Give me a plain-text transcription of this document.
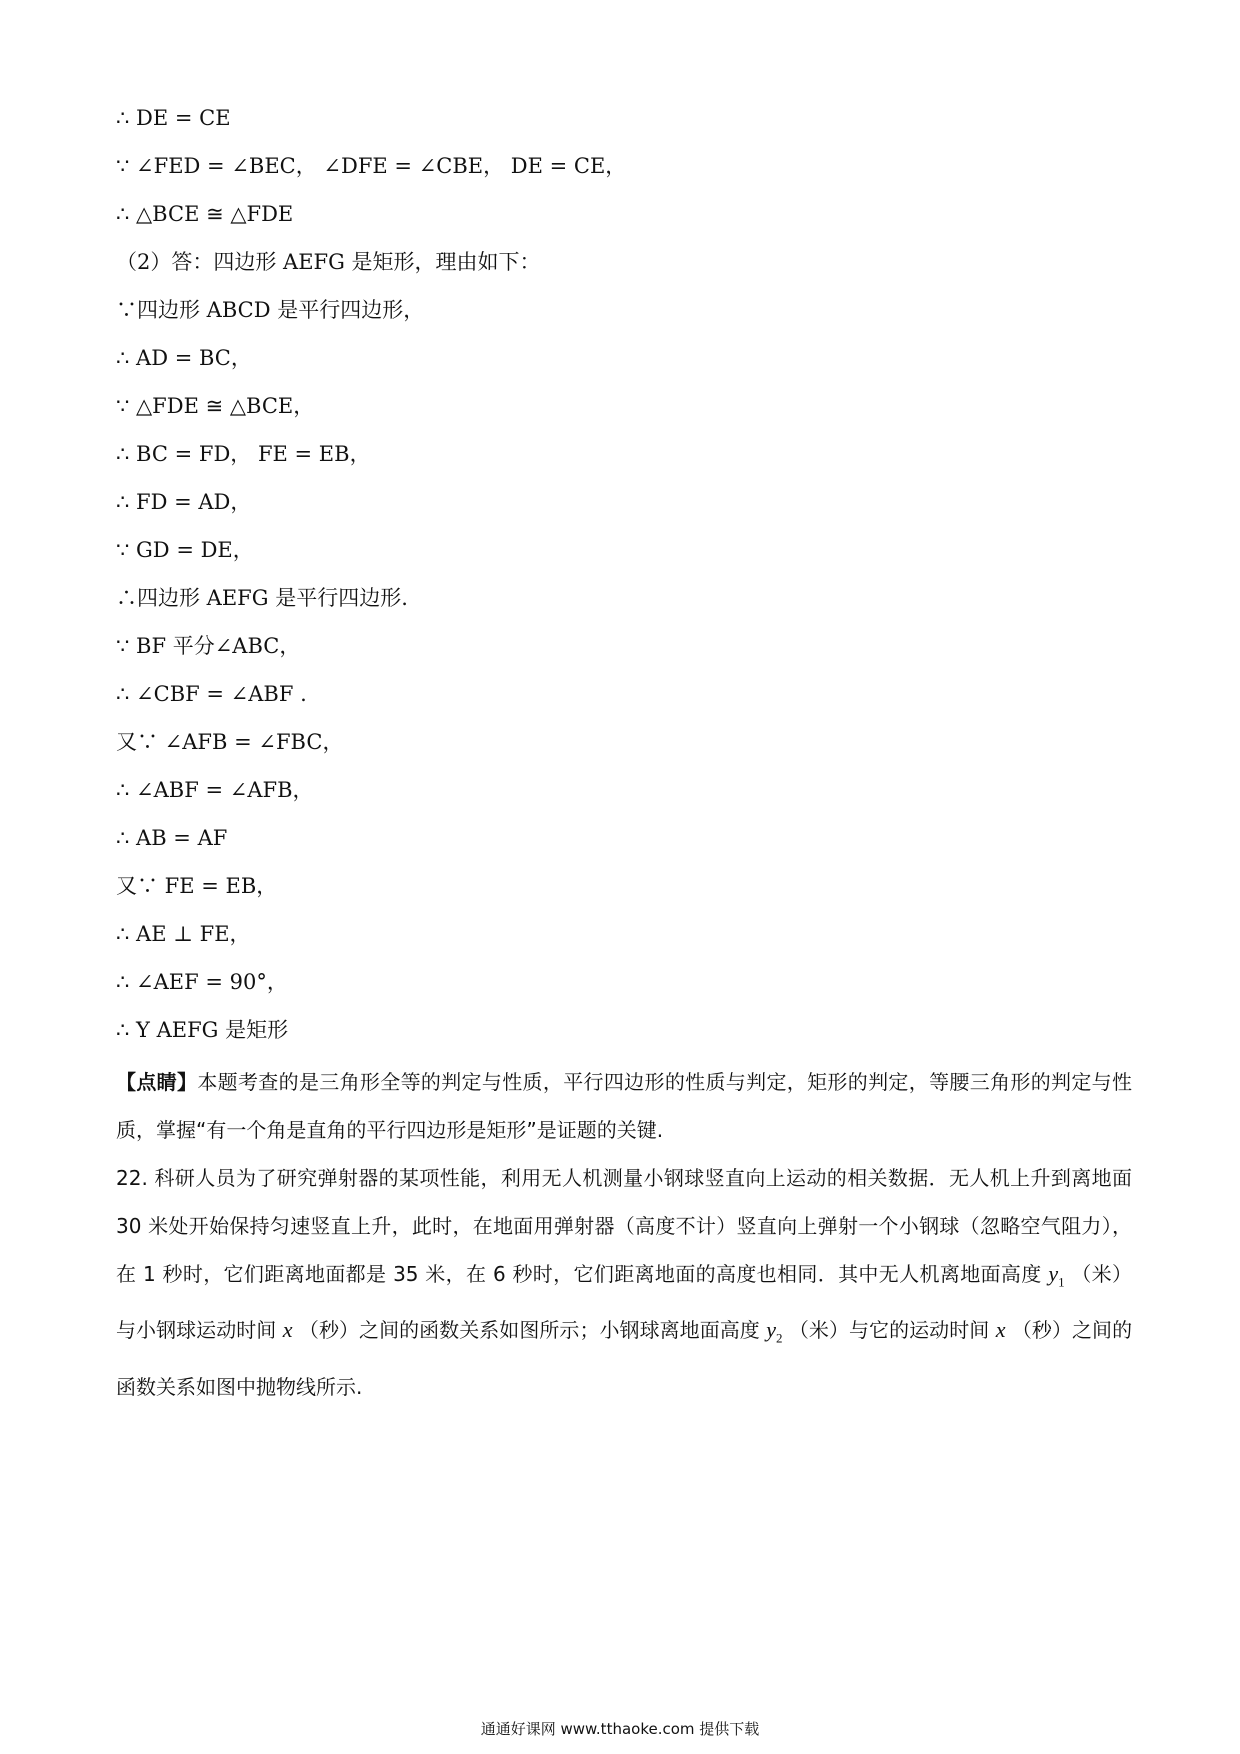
∴ DE = CE
∵ ∠FED = ∠BEC， ∠DFE = ∠CBE， DE = CE，
∴ △BCE ≅ △FDE
（2）答：四边形 AEFG 是矩形，理由如下：
∵四边形 ABCD 是平行四边形，
∴ AD = BC，
∵ △FDE ≅ △BCE，
∴ BC = FD， FE = EB，
∴ FD = AD，
∵ GD = DE，
∴四边形 AEFG 是平行四边形.
∵ BF 平分∠ABC，
∴ ∠CBF = ∠ABF .
又∵ ∠AFB = ∠FBC，
∴ ∠ABF = ∠AFB，
∴ AB = AF
又∵ FE = EB，
∴ AE ⊥ FE，
∴ ∠AEF = 90°，
∴ Y AEFG 是矩形
【点睛】本题考查的是三角形全等的判定与性质，平行四边形的性质与判定，矩形的判定，等腰三角形的判定与性质，掌握“有一个角是直角的平行四边形是矩形”是证题的关键.
22. 科研人员为了研究弹射器的某项性能，利用无人机测量小钢球竖直向上运动的相关数据．无人机上升到离地面 30 米处开始保持匀速竖直上升，此时，在地面用弹射器（高度不计）竖直向上弹射一个小钢球（忽略空气阻力），在 1 秒时，它们距离地面都是 35 米，在 6 秒时，它们距离地面的高度也相同．其中无人机离地面高度 $y_1$ （米）与小钢球运动时间 x （秒）之间的函数关系如图所示；小钢球离地面高度 $y_2$ （米）与它的运动时间 x （秒）之间的函数关系如图中抛物线所示.
通通好课网 www.tthaoke.com 提供下载
